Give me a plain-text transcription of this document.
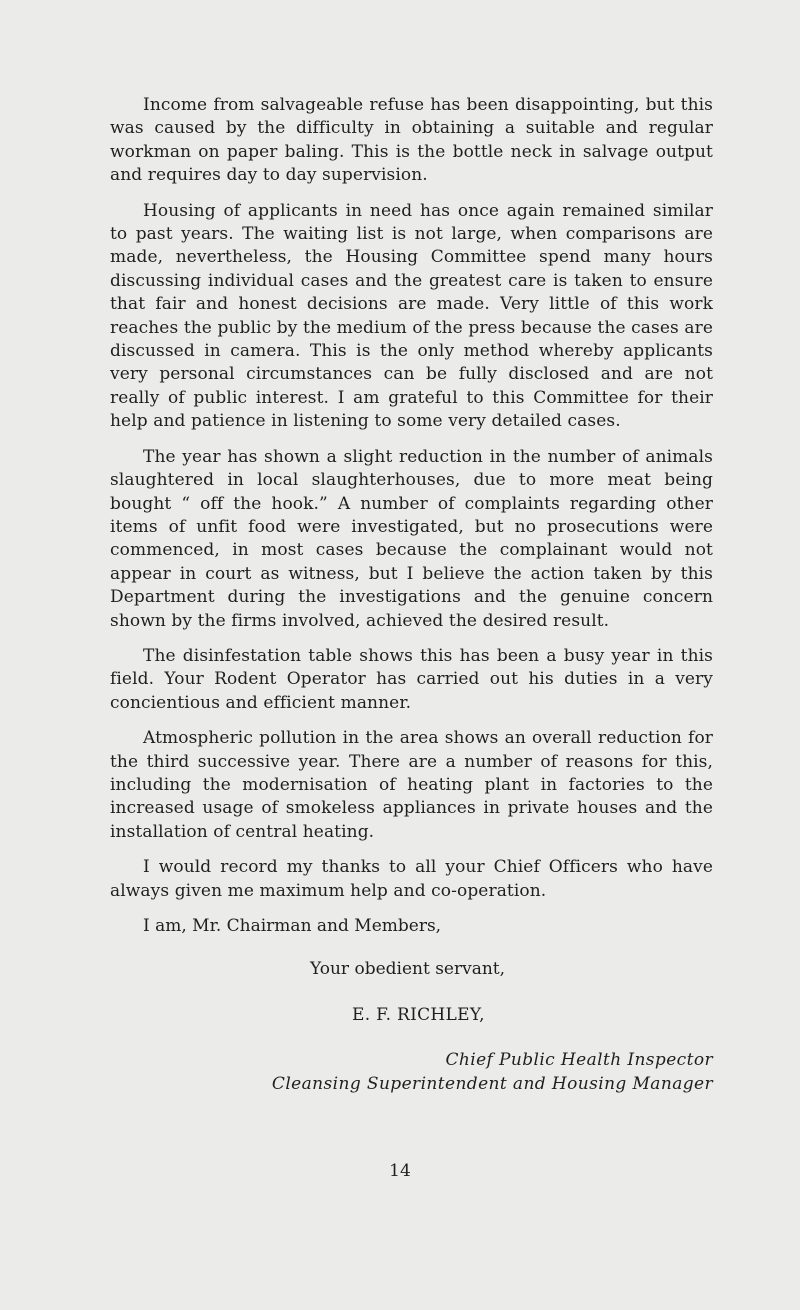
Income from salvageable refuse has been disappointing, but this was caused by the difficulty in obtaining a suitable and regular workman on paper baling. This is the bottle neck in salvage output and requires day to day supervision.

Housing of applicants in need has once again remained similar to past years. The waiting list is not large, when comparisons are made, nevertheless, the Housing Committee spend many hours discussing individual cases and the greatest care is taken to ensure that fair and honest decisions are made. Very little of this work reaches the public by the medium of the press because the cases are discussed in camera. This is the only method whereby applicants very personal circumstances can be fully disclosed and are not really of public interest. I am grateful to this Committee for their help and patience in listening to some very detailed cases.

The year has shown a slight reduction in the number of animals slaughtered in local slaughterhouses, due to more meat being bought “ off the hook.” A number of complaints regarding other items of unfit food were investigated, but no prosecutions were commenced, in most cases because the complainant would not appear in court as witness, but I believe the action taken by this Department during the investigations and the genuine concern shown by the firms involved, achieved the desired result.

The disinfestation table shows this has been a busy year in this field. Your Rodent Operator has carried out his duties in a very concientious and efficient manner.

Atmospheric pollution in the area shows an overall reduction for the third successive year. There are a number of reasons for this, including the modernisation of heating plant in factories to the increased usage of smokeless appliances in private houses and the installation of central heating.

I would record my thanks to all your Chief Officers who have always given me maximum help and co-operation.

I am, Mr. Chairman and Members,

Your obedient servant,

E. F. RICHLEY,

Chief Public Health Inspector

Cleansing Superintendent and Housing Manager

14
